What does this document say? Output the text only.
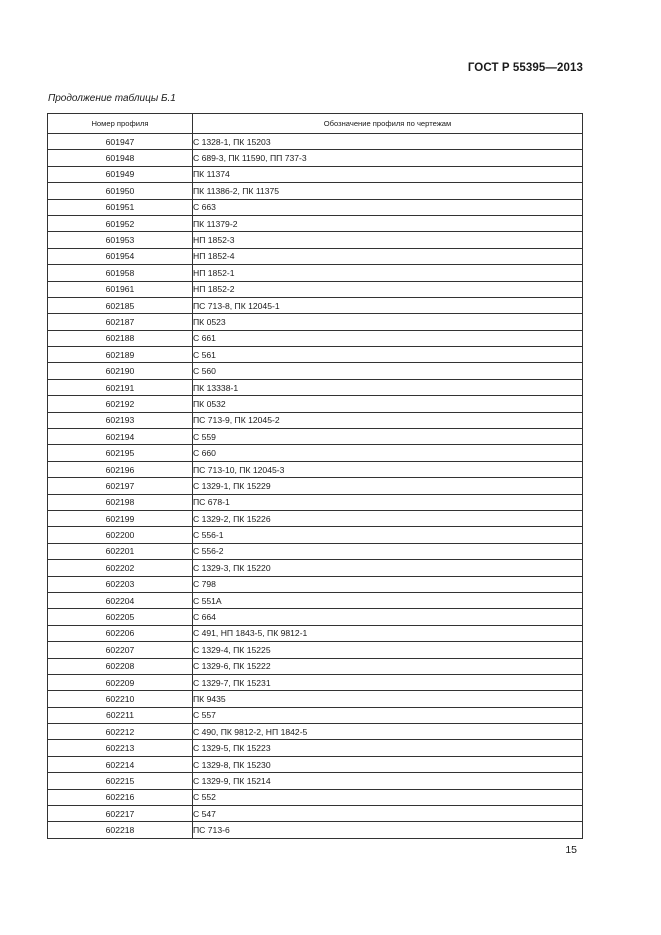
ГОСТ Р 55395—2013
Продолжение таблицы Б.1
Номер профиля	Обозначение профиля по чертежам
601947	С 1328-1, ПК 15203
601948	С 689-3, ПК 11590, ПП 737-3
601949	ПК 11374
601950	ПК 11386-2, ПК 11375
601951	С 663
601952	ПК 11379-2
601953	НП 1852-3
601954	НП 1852-4
601958	НП 1852-1
601961	НП 1852-2
602185	ПС 713-8, ПК 12045-1
602187	ПК 0523
602188	С 661
602189	С 561
602190	С 560
602191	ПК 13338-1
602192	ПК 0532
602193	ПС 713-9, ПК 12045-2
602194	С 559
602195	С 660
602196	ПС 713-10, ПК 12045-3
602197	С 1329-1, ПК 15229
602198	ПС 678-1
602199	С 1329-2, ПК 15226
602200	С 556-1
602201	С 556-2
602202	С 1329-3, ПК 15220
602203	С 798
602204	С 551А
602205	С 664
602206	С 491, НП 1843-5, ПК 9812-1
602207	С 1329-4, ПК 15225
602208	С 1329-6, ПК 15222
602209	С 1329-7, ПК 15231
602210	ПК 9435
602211	С 557
602212	С 490, ПК 9812-2, НП 1842-5
602213	С 1329-5, ПК 15223
602214	С 1329-8, ПК 15230
602215	С 1329-9, ПК 15214
602216	С 552
602217	С 547
602218	ПС 713-6
15
